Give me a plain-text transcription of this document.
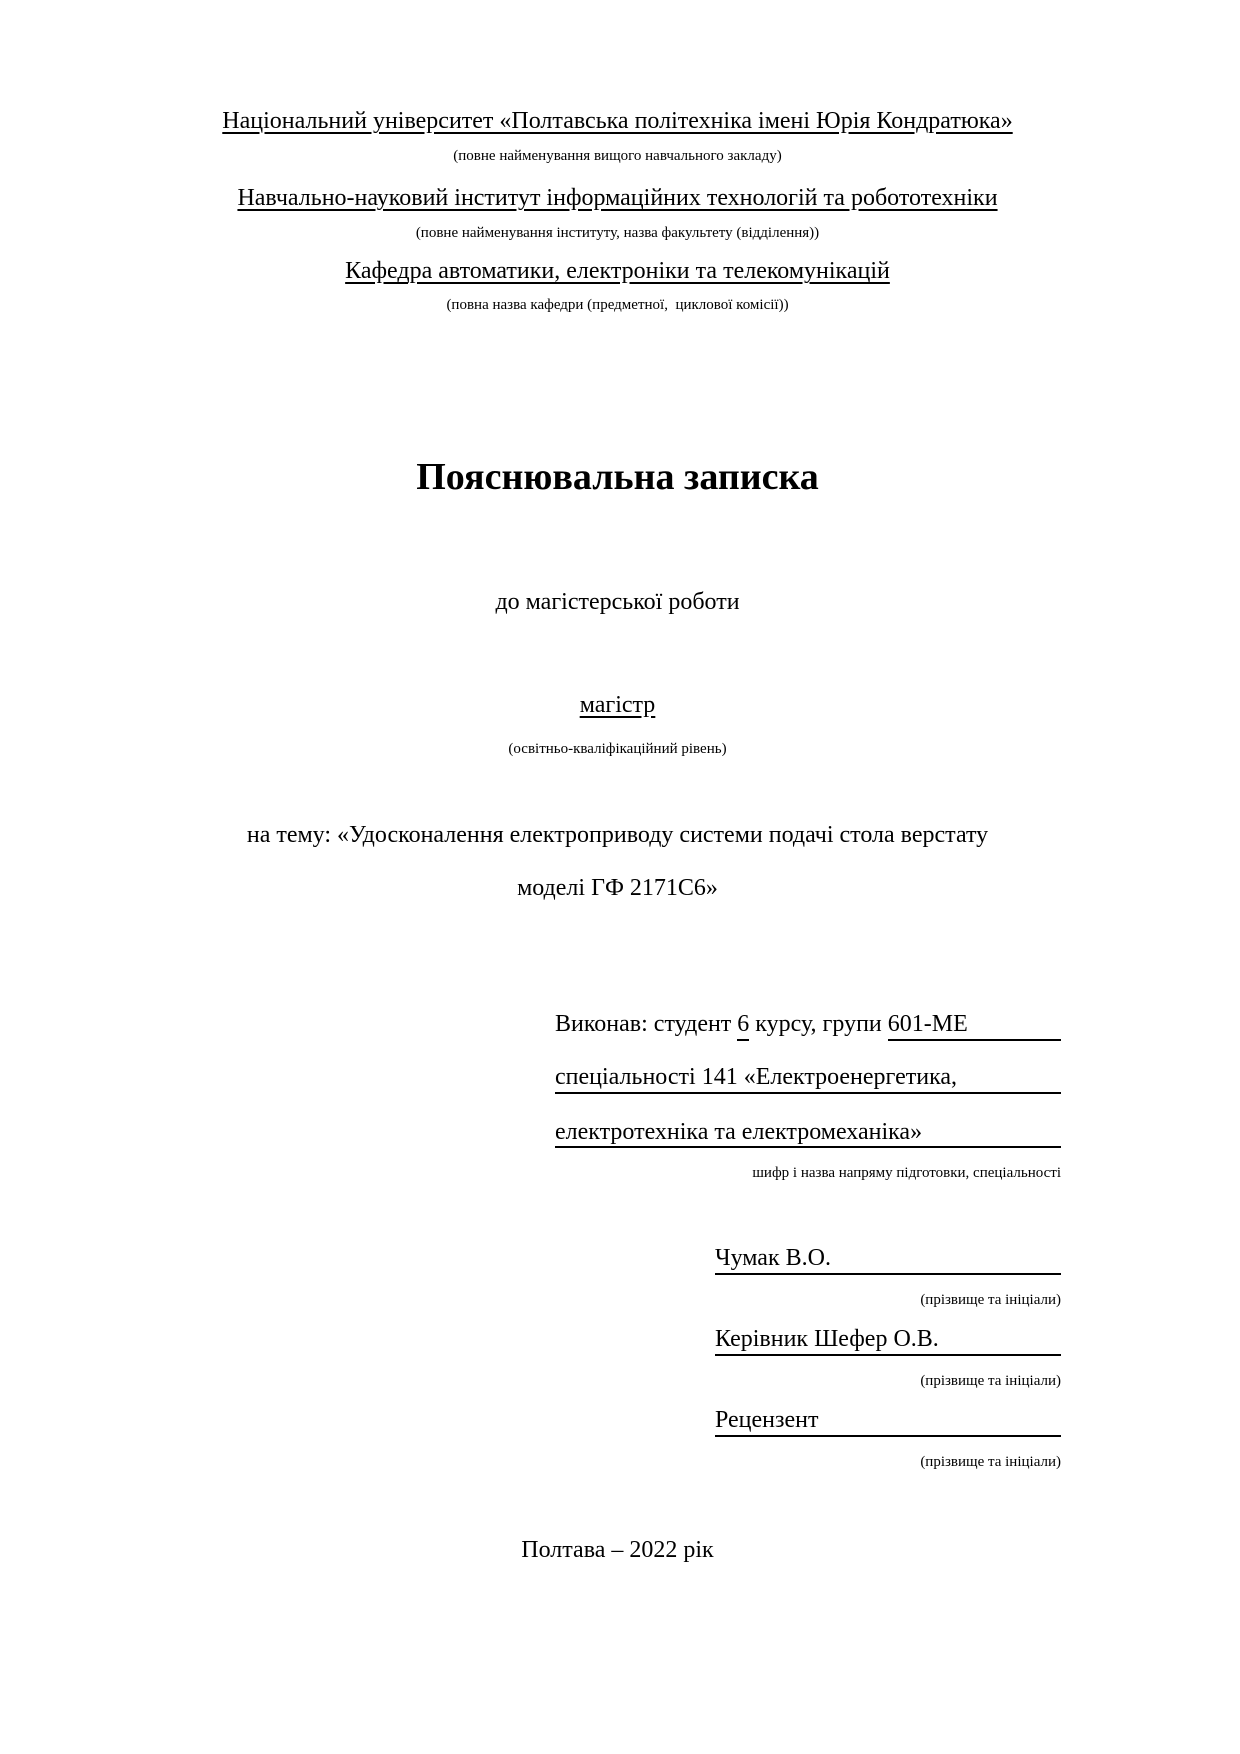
Національний університет «Полтавська політехніка імені Юрія Кондратюка»
(повне найменування вищого навчального закладу)
Навчально-науковий інститут інформаційних технологій та робототехніки
(повне найменування інституту, назва факультету (відділення))
Кафедра автоматики, електроніки та телекомунікацій
(повна назва кафедри (предметної,  циклової комісії))
Пояснювальна записка
до магістерської роботи
магістр
(освітньо-кваліфікаційний рівень)
на тему: «Удосконалення електроприводу системи подачі стола верстату
моделі ГФ 2171С6»
Виконав: студент 6 курсу, групи 601-МЕ
спеціальності 141 «Електроенергетика,
електротехніка та електромеханіка»
шифр і назва напряму підготовки, спеціальності
Чумак В.О.
(прізвище та ініціали)
Керівник Шефер О.В.
(прізвище та ініціали)
Рецензент
(прізвище та ініціали)
Полтава – 2022 рік
